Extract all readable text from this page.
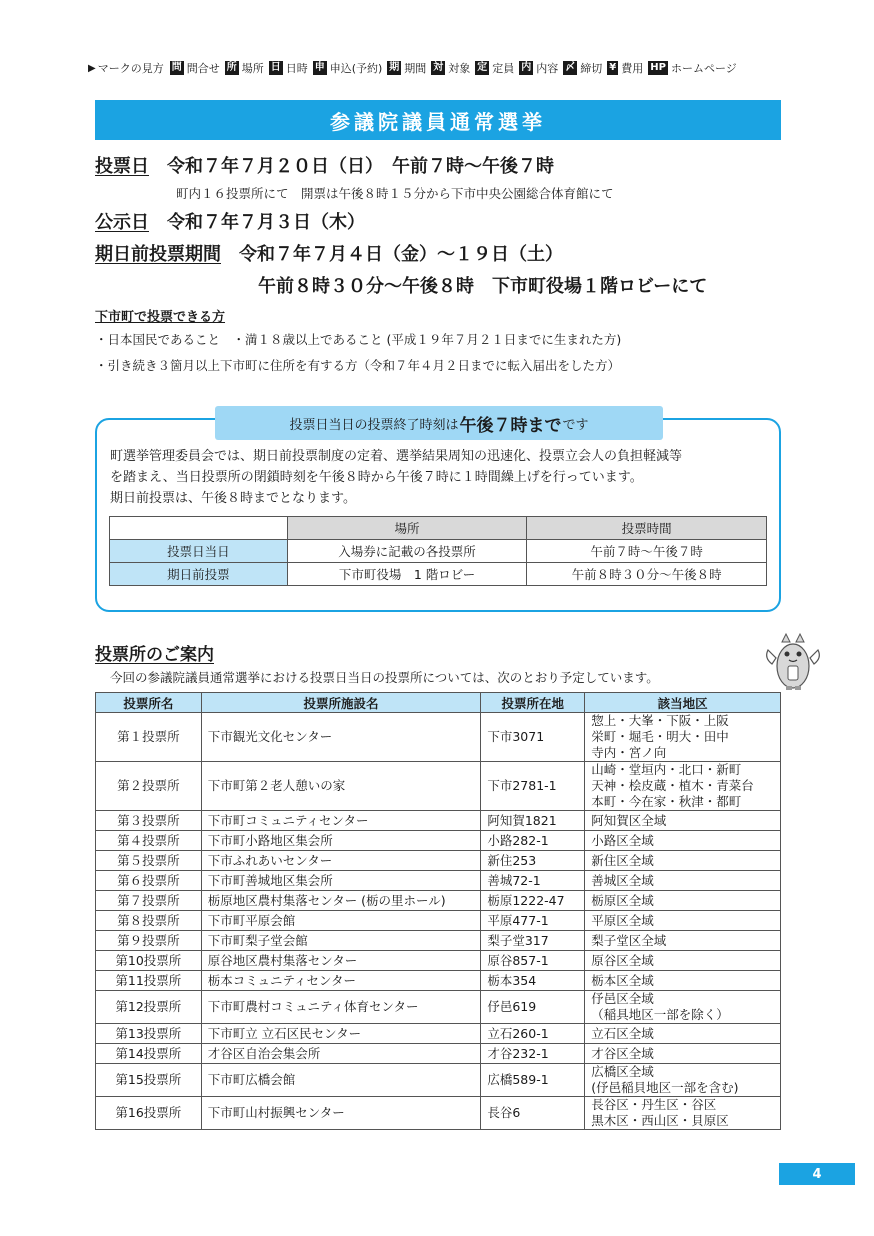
▶ マークの見方 問 問合せ 所 場所 日 日時 申 申込(予約) 期 期間 対 対象 定 定員 内 内容 〆 締切 ¥ 費用 HP ホームページ
参議院議員通常選挙
投票日 令和７年７月２０日（日）　午前７時～午後７時
町内１６投票所にて　開票は午後８時１５分から下市中央公園総合体育館にて
公示日 令和７年７月３日（木）
期日前投票期間 令和７年７月４日（金）～１９日（土）
午前８時３０分～午後８時　下市町役場１階ロビーにて
下市町で投票できる方
・日本国民であること　・満１８歳以上であること (平成１９年７月２１日までに生まれた方)
・引き続き３箇月以上下市町に住所を有する方（令和７年４月２日までに転入届出をした方）
投票日当日の投票終了時刻は 午後７時まで です
町選挙管理委員会では、期日前投票制度の定着、選挙結果周知の迅速化、投票立会人の負担軽減等
を踏まえ、当日投票所の閉鎖時刻を午後８時から午後７時に１時間繰上げを行っています。
期日前投票は、午後８時までとなります。
	場所	投票時間
投票日当日	入場券に記載の各投票所	午前７時～午後７時
期日前投票	下市町役場　1 階ロビー	午前８時３０分～午後８時
投票所のご案内
今回の参議院議員通常選挙における投票日当日の投票所については、次のとおり予定しています。
投票所名	投票所施設名	投票所在地	該当地区
第１投票所	下市観光文化センター	下市3071	惣上・大峯・下阪・上阪
栄町・堀毛・明大・田中
寺内・宮ノ向

第２投票所	下市町第２老人憩いの家	下市2781-1	山崎・堂垣内・北口・新町
天神・桧皮蔵・植木・青菜台
本町・今在家・秋津・都町

第３投票所	下市町コミュニティセンター	阿知賀1821	阿知賀区全域

第４投票所	下市町小路地区集会所	小路282-1	小路区全域

第５投票所	下市ふれあいセンター	新住253	新住区全域

第６投票所	下市町善城地区集会所	善城72-1	善城区全域

第７投票所	栃原地区農村集落センター (栃の里ホール)	栃原1222-47	栃原区全域

第８投票所	下市町平原会館	平原477-1	平原区全域

第９投票所	下市町梨子堂会館	梨子堂317	梨子堂区全域

第10投票所	原谷地区農村集落センター	原谷857-1	原谷区全域

第11投票所	栃本コミュニティセンター	栃本354	栃本区全域

第12投票所	下市町農村コミュニティ体育センター	伃邑619	伃邑区全域
（稲具地区一部を除く）

第13投票所	下市町立 立石区民センター	立石260-1	立石区全域

第14投票所	才谷区自治会集会所	才谷232-1	才谷区全域

第15投票所	下市町広橋会館	広橋589-1	広橋区全域
(伃邑稲貝地区一部を含む)

第16投票所	下市町山村振興センター	長谷6	長谷区・丹生区・谷区
黒木区・西山区・貝原区
4
